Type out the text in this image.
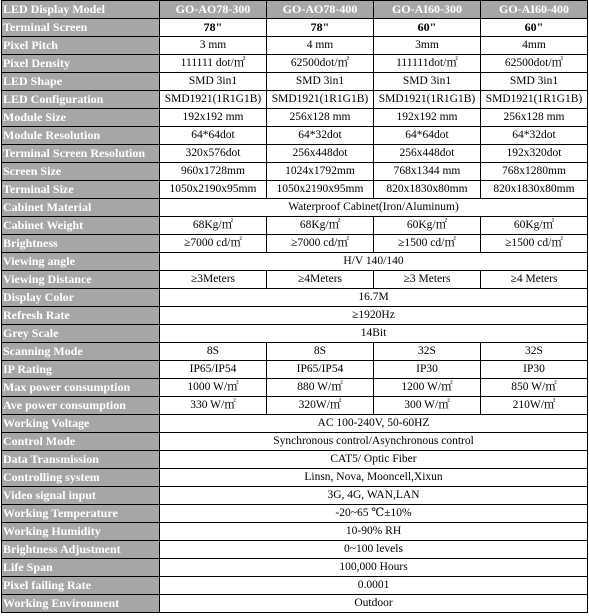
LED Display Model	GO-AO78-300	GO-AO78-400	GO-AI60-300	GO-AI60-400
Terminal Screen	78"	78"	60"	60"
Pixel Pitch	3 mm	4 mm	3mm	4mm
Pixel Density	111111 dot/㎡	62500dot/㎡	111111dot/㎡	62500dot/㎡
LED Shape	SMD 3in1	SMD 3in1	SMD 3in1	SMD 3in1
LED Configuration	SMD1921(1R1G1B)	SMD1921(1R1G1B)	SMD1921(1R1G1B)	SMD1921(1R1G1B)
Module Size	192x192 mm	256x128 mm	192x192 mm	256x128 mm
Module Resolution	64*64dot	64*32dot	64*64dot	64*32dot
Terminal Screen Resolution	320x576dot	256x448dot	256x448dot	192x320dot
Screen Size	960x1728mm	1024x1792mm	768x1344 mm	768x1280mm
Terminal Size	1050x2190x95mm	1050x2190x95mm	820x1830x80mm	820x1830x80mm
Cabinet Material	Waterproof Cabinet(Iron/Aluminum)			
Cabinet Weight	68Kg/㎡	68Kg/㎡	60Kg/㎡	60Kg/㎡
Brightness	≥7000 cd/㎡	≥7000 cd/㎡	≥1500 cd/㎡	≥1500 cd/㎡
Viewing angle	H/V 140/140			
Viewing Distance	≥3Meters	≥4Meters	≥3 Meters	≥4 Meters
Display Color	16.7M			
Refresh Rate	≥1920Hz			
Grey Scale	14Bit			
Scanning Mode	8S	8S	32S	32S
IP Rating	IP65/IP54	IP65/IP54	IP30	IP30
Max power consumption	1000 W/㎡	880 W/㎡	1200 W/㎡	850 W/㎡
Ave power consumption	330 W/㎡	320W/㎡	300 W/㎡	210W/㎡
Working Voltage	AC 100-240V, 50-60HZ			
Control Mode	Synchronous control/Asynchronous control			
Data Transmission	CAT5/ Optic Fiber			
Controlling system	Linsn, Nova, Mooncell,Xixun			
Video signal input	3G, 4G, WAN,LAN			
Working Temperature	-20~65 ℃±10%			
Working Humidity	10-90% RH			
Brightness Adjustment	0~100 levels			
Life Span	100,000 Hours			
Pixel failing Rate	0.0001			
Working Environment	Outdoor			
